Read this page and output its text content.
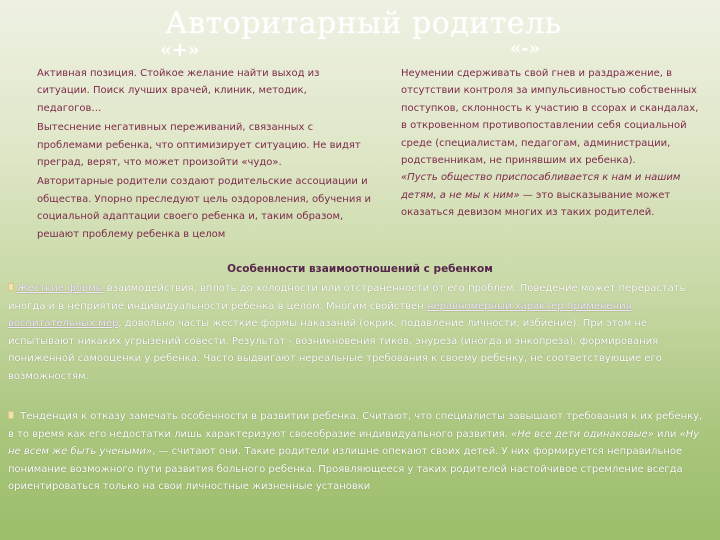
Авторитарный родитель
«+»	«-»

Активная позиция. Стойкое желание найти выход из ситуации. Поиск лучших врачей, клиник, методик, педагогов…

Вытеснение негативных переживаний, связанных с проблемами ребенка, что оптимизирует ситуацию. Не видят преград, верят, что может произойти «чудо».

Авторитарные родители создают родительские ассоциации и общества. Упорно преследуют цель оздоровления, обучения и социальной адаптации своего ребенка и, таким образом, решают проблему ребенка в целом

Неумении сдерживать свой гнев и раздражение, в отсутствии контроля за импульсивностью собственных поступков, склонность к участию в ссорах и скандалах, в откровенном противопоставлении себя социальной среде (специалистам, педагогам, администрации, родственникам, не принявшим их ребенка).
«Пусть общество приспосабливается к нам и нашим детям, а не мы к ним» — это высказывание может оказаться девизом многих из таких родителей.

Особенности взаимоотношений с ребенком
Жесткие формы взаимодействия, вплоть до холодности или отстраненности от его проблем. Поведение может перерастать иногда и в неприятие индивидуальности ребенка в целом. Многим свойствен неравномерный характер применения воспитательных мер, довольно часты жесткие формы наказаний (окрик, подавление личности, избиение). При этом не испытывают никаких угрызений совести. Результат - возникновения тиков, энуреза (иногда и энкопреза), формирования пониженной самооценки у ребенка. Часто выдвигают нереальные требования к своему ребенку, не соответствующие его возможностям.
Тенденция к отказу замечать особенности в развитии ребенка. Считают, что специалисты завышают требования к их ребенку, в то время как его недостатки лишь характеризуют своеобразие индивидуального развития. «Не все дети одинаковые» или «Ну не всем же быть учеными», — считают они. Такие родители излишне опекают своих детей. У них формируется неправильное понимание возможного пути развития больного ребенка. Проявляющееся у таких родителей настойчивое стремление всегда ориентироваться только на свои личностные жизненные установки
